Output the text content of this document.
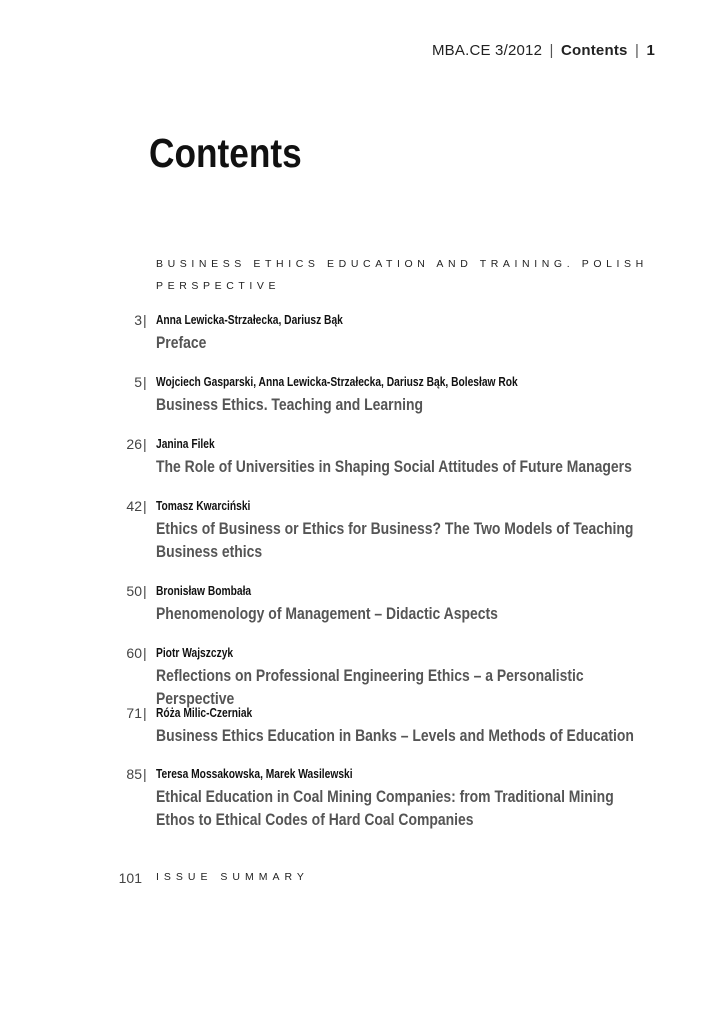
MBA.CE 3/2012 | Contents | 1
Contents
BUSINESS ETHICS EDUCATION AND TRAINING. POLISH
PERSPECTIVE
3 | Anna Lewicka-Strzałecka, Dariusz Bąk
Preface
5 | Wojciech Gasparski, Anna Lewicka-Strzałecka, Dariusz Bąk, Bolesław Rok
Business Ethics. Teaching and Learning
26 | Janina Filek
The Role of Universities in Shaping Social Attitudes of Future Managers
42 | Tomasz Kwarciński
Ethics of Business or Ethics for Business? The Two Models of Teaching Business ethics
50 | Bronisław Bombała
Phenomenology of Management – Didactic Aspects
60 | Piotr Wajszczyk
Reflections on Professional Engineering Ethics – a Personalistic Perspective
71 | Róża Milic-Czerniak
Business Ethics Education in Banks – Levels and Methods of Education
85 | Teresa Mossakowska, Marek Wasilewski
Ethical Education in Coal Mining Companies: from Traditional Mining Ethos to Ethical Codes of Hard Coal Companies
101 ISSUE SUMMARY
